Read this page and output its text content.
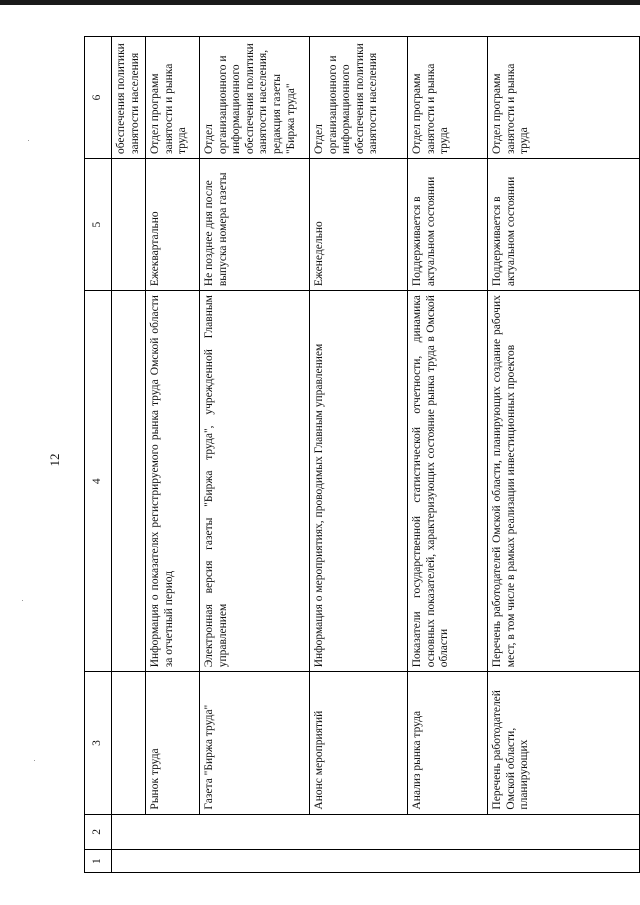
12
1	2	3	4	5	6
					обеспечения политики занятости населения
		Рынок труда	Информация о показателях регистрируемого рынка труда Омской области за отчетный период	Ежеквартально	Отдел программ занятости и рынка труда
		Газета "Биржа труда"	Электронная версия газеты "Биржа труда", учрежденной Главным управлением	Не позднее дня после выпуска номера газеты	Отдел организационного и информационного обеспечения политики занятости населения, редакция газеты "Биржа труда"
		Анонс мероприятий	Информация о мероприятиях, проводимых Главным управлением	Еженедельно	Отдел организационного и информационного обеспечения политики занятости населения
		Анализ рынка труда	Показатели государственной статистической отчетности, динамика основных показателей, характеризующих состояние рынка труда в Омской области	Поддерживается в актуальном состоянии	Отдел программ занятости и рынка труда
		Перечень работодателей Омской области, планирующих	Перечень работодателей Омской области, планирующих создание рабочих мест, в том числе в рамках реализации инвестиционных проектов	Поддерживается в актуальном состоянии	Отдел программ занятости и рынка труда
